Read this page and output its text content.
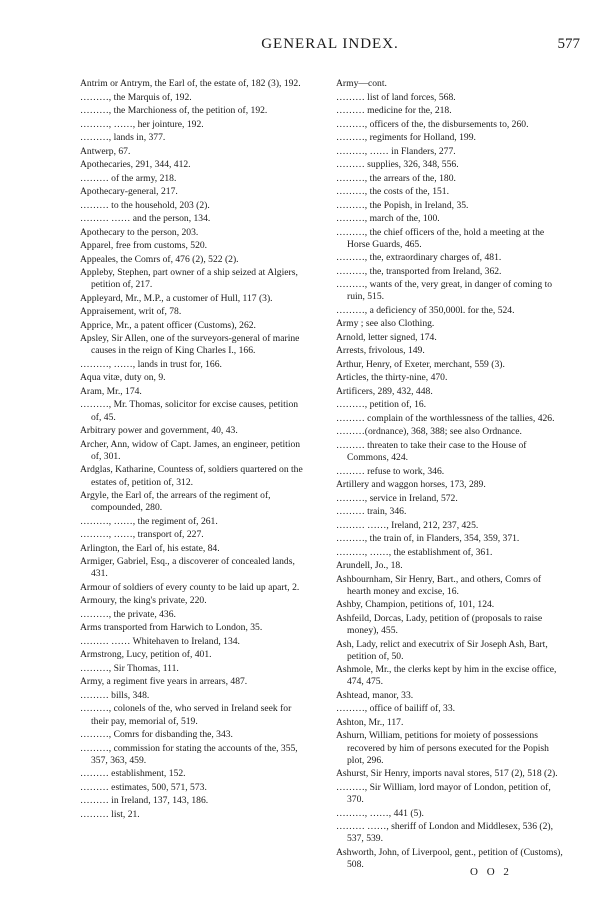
GENERAL INDEX.	577
Antrim or Antrym, the Earl of, the estate of, 182 (3), 192.
………, the Marquis of, 192.
………, the Marchioness of, the petition of, 192.
………, ……, her jointure, 192.
………, lands in, 377.
Antwerp, 67.
Apothecaries, 291, 344, 412.
……… of the army, 218.
Apothecary-general, 217.
……… to the household, 203 (2).
……… …… and the person, 134.
Apothecary to the person, 203.
Apparel, free from customs, 520.
Appeales, the Comrs of, 476 (2), 522 (2).
Appleby, Stephen, part owner of a ship seized at Algiers, petition of, 217.
Appleyard, Mr., M.P., a customer of Hull, 117 (3).
Appraisement, writ of, 78.
Apprice, Mr., a patent officer (Customs), 262.
Apsley, Sir Allen, one of the surveyors-general of marine causes in the reign of King Charles I., 166.
………, ……, lands in trust for, 166.
Aqua vitæ, duty on, 9.
Aram, Mr., 174.
………, Mr. Thomas, solicitor for excise causes, petition of, 45.
Arbitrary power and government, 40, 43.
Archer, Ann, widow of Capt. James, an engineer, petition of, 301.
Ardglas, Katharine, Countess of, soldiers quartered on the estates of, petition of, 312.
Argyle, the Earl of, the arrears of the regiment of, compounded, 280.
………, ……, the regiment of, 261.
………, ……, transport of, 227.
Arlington, the Earl of, his estate, 84.
Armiger, Gabriel, Esq., a discoverer of concealed lands, 431.
Armour of soldiers of every county to be laid up apart, 2.
Armoury, the king's private, 220.
………, the private, 436.
Arms transported from Harwich to London, 35.
……… …… Whitehaven to Ireland, 134.
Armstrong, Lucy, petition of, 401.
………, Sir Thomas, 111.
Army, a regiment five years in arrears, 487.
……… bills, 348.
………, colonels of the, who served in Ireland seek for their pay, memorial of, 519.
………, Comrs for disbanding the, 343.
………, commission for stating the accounts of the, 355, 357, 363, 459.
……… establishment, 152.
……… estimates, 500, 571, 573.
……… in Ireland, 137, 143, 186.
……… list, 21.
Army—cont.
……… list of land forces, 568.
……… medicine for the, 218.
………, officers of the, the disbursements to, 260.
………, regiments for Holland, 199.
………, …… in Flanders, 277.
……… supplies, 326, 348, 556.
………, the arrears of the, 180.
………, the costs of the, 151.
………, the Popish, in Ireland, 35.
………, march of the, 100.
………, the chief officers of the, hold a meeting at the Horse Guards, 465.
………, the, extraordinary charges of, 481.
………, the, transported from Ireland, 362.
………, wants of the, very great, in danger of coming to ruin, 515.
………, a deficiency of 350,000l. for the, 524.
Army ; see also Clothing.
Arnold, letter signed, 174.
Arrests, frivolous, 149.
Arthur, Henry, of Exeter, merchant, 559 (3).
Articles, the thirty-nine, 470.
Artificers, 289, 432, 448.
………, petition of, 16.
……… complain of the worthlessness of the tallies, 426.
………(ordnance), 368, 388; see also Ordnance.
……… threaten to take their case to the House of Commons, 424.
……… refuse to work, 346.
Artillery and waggon horses, 173, 289.
………, service in Ireland, 572.
……… train, 346.
……… ……, Ireland, 212, 237, 425.
………, the train of, in Flanders, 354, 359, 371.
………, ……, the establishment of, 361.
Arundell, Jo., 18.
Ashbournham, Sir Henry, Bart., and others, Comrs of hearth money and excise, 16.
Ashby, Champion, petitions of, 101, 124.
Ashfeild, Dorcas, Lady, petition of (proposals to raise money), 455.
Ash, Lady, relict and executrix of Sir Joseph Ash, Bart, petition of, 50.
Ashmole, Mr., the clerks kept by him in the excise office, 474, 475.
Ashtead, manor, 33.
………, office of bailiff of, 33.
Ashton, Mr., 117.
Ashurn, William, petitions for moiety of possessions recovered by him of persons executed for the Popish plot, 296.
Ashurst, Sir Henry, imports naval stores, 517 (2), 518 (2).
………, Sir William, lord mayor of London, petition of, 370.
………, ……, 441 (5).
……… ……, sheriff of London and Middlesex, 536 (2), 537, 539.
Ashworth, John, of Liverpool, gent., petition of (Customs), 508.
O O 2
